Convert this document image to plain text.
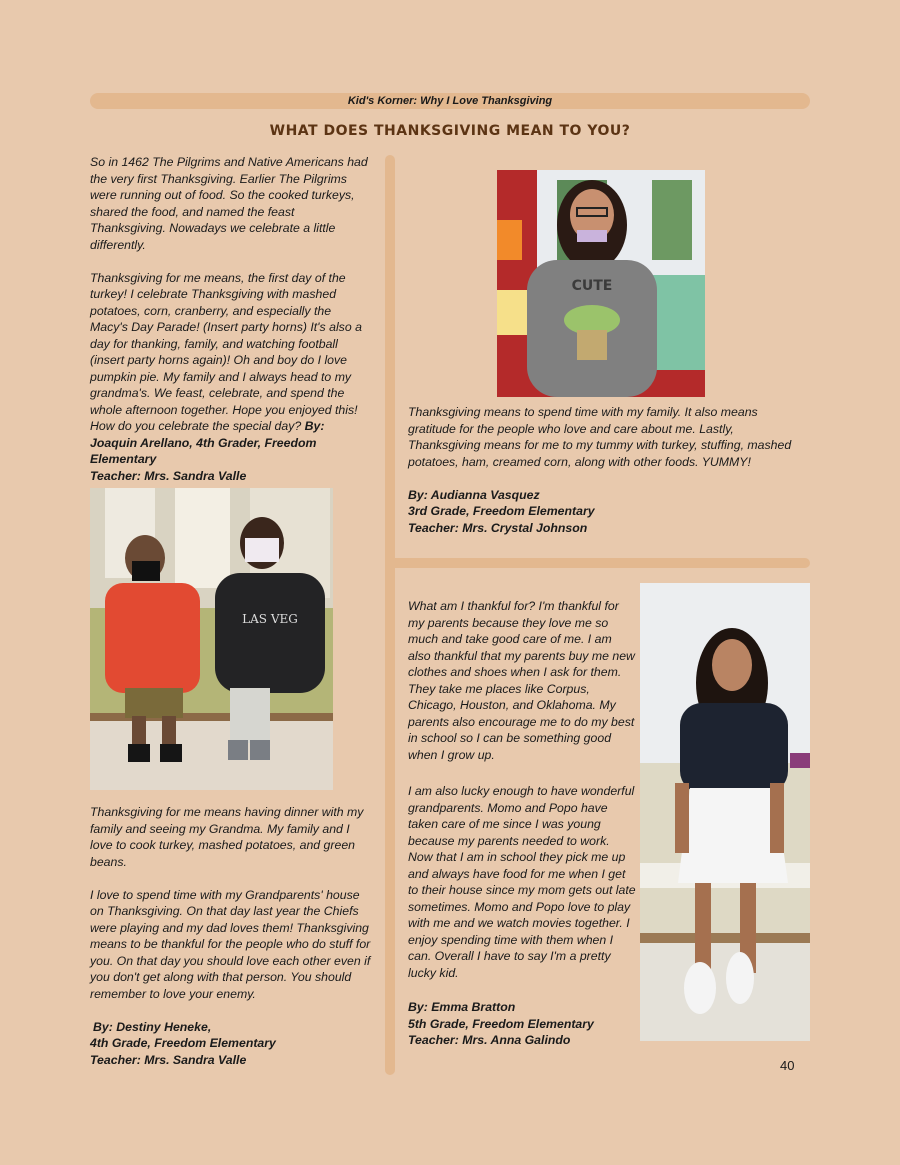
Kid's Korner: Why I Love Thanksgiving
WHAT DOES THANKSGIVING MEAN TO YOU?

So in 1462 The Pilgrims and Native Americans had the very first Thanksgiving. Earlier The Pilgrims were running out of food. So the cooked turkeys, shared the food, and named the feast Thanksgiving. Nowadays we celebrate a little differently.

Thanksgiving for me means, the first day of the turkey! I celebrate Thanksgiving with mashed potatoes, corn, cranberry, and especially the Macy's Day Parade! (Insert party horns) It's also a day for thanking, family, and watching football (insert party horns again)! Oh and boy do I love pumpkin pie. My family and I always head to my grandma's. We feast, celebrate, and spend the whole afternoon together. Hope you enjoyed this! How do you celebrate the special day? By: Joaquin Arellano, 4th Grader, Freedom Elementary
Teacher: Mrs. Sandra Valle

LAS VEG

Thanksgiving for me means having dinner with my family and seeing my Grandma. My family and I love to cook turkey, mashed potatoes, and green beans.

I love to spend time with my Grandparents' house on Thanksgiving. On that day last year the Chiefs were playing and my dad loves them! Thanksgiving means to be thankful for the people who do stuff for you. On that day you should love each other even if you don't get along with that person. You should remember to love your enemy.

By: Destiny Heneke,
4th Grade, Freedom Elementary
Teacher: Mrs. Sandra Valle
CUTE

Thanksgiving means to spend time with my family. It also means gratitude for the people who love and care about me. Lastly, Thanksgiving means for me to my tummy with turkey, stuffing, mashed potatoes, ham, creamed corn, along with other foods. YUMMY!

By: Audianna Vasquez
3rd Grade, Freedom Elementary
Teacher: Mrs. Crystal Johnson

What am I thankful for? I'm thankful for my parents because they love me so much and take good care of me. I am also thankful that my parents buy me new clothes and shoes when I ask for them. They take me places like Corpus, Chicago, Houston, and Oklahoma. My parents also encourage me to do my best in school so I can be something good when I grow up.

I am also lucky enough to have wonderful grandparents. Momo and Popo have taken care of me since I was young because my parents needed to work. Now that I am in school they pick me up and always have food for me when I get to their house since my mom gets out late sometimes. Momo and Popo love to play with me and we watch movies together. I enjoy spending time with them when I can. Overall I have to say I'm a pretty lucky kid.

By: Emma Bratton
5th Grade, Freedom Elementary
Teacher: Mrs. Anna Galindo
40
